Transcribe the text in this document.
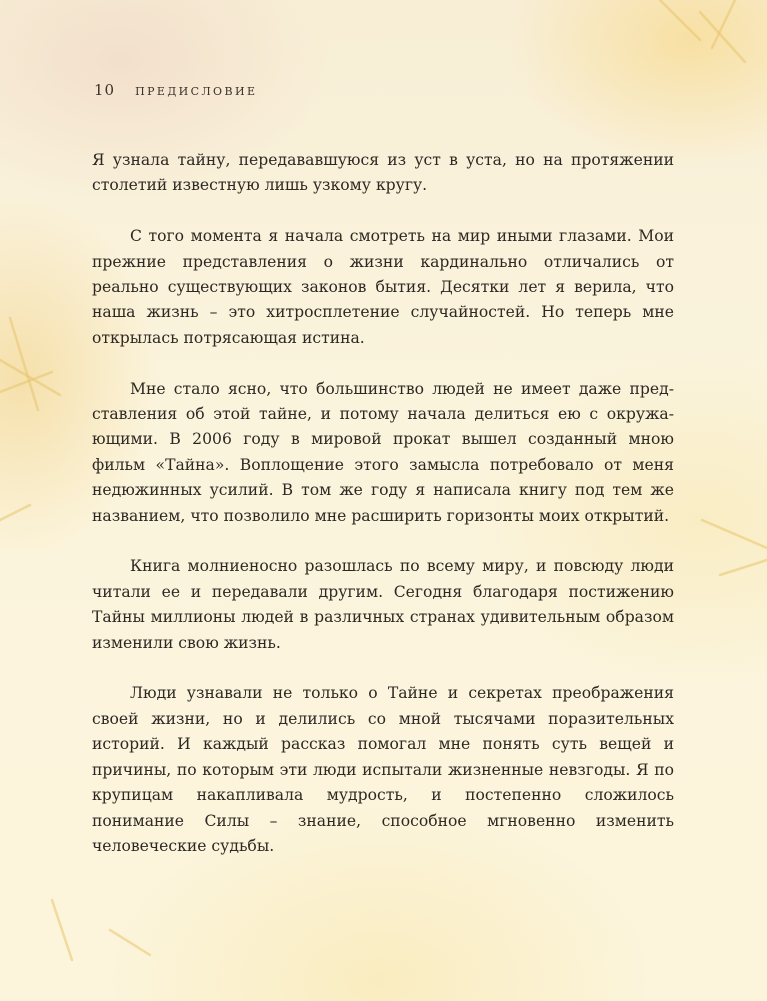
10 ПРЕДИСЛОВИЕ

Я узнала тайну, передававшуюся из уст в уста, но на протяжении столетий известную лишь узкому кругу.

С того момента я начала смотреть на мир иными глазами. Мои прежние представления о жизни кардинально отличались от реально существующих законов бытия. Десятки лет я верила, что наша жизнь – это хитросплетение случайностей. Но теперь мне открылась потрясающая истина.

Мне стало ясно, что большинство людей не имеет даже представления об этой тайне, и потому начала делиться ею с окружающими. В 2006 году в мировой прокат вышел созданный мною фильм «Тайна». Воплощение этого замысла потребовало от меня недюжинных усилий. В том же году я написала книгу под тем же названием, что позволило мне расширить горизонты моих открытий.

Книга молниеносно разошлась по всему миру, и повсюду люди читали ее и передавали другим. Сегодня благодаря постижению Тайны миллионы людей в различных странах удивительным образом изменили свою жизнь.

Люди узнавали не только о Тайне и секретах преображения своей жизни, но и делились со мной тысячами поразительных историй. И каждый рассказ помогал мне понять суть вещей и причины, по которым эти люди испытали жизненные невзгоды. Я по крупицам накапливала мудрость, и постепенно сложилось понимание Силы – знание, способное мгновенно изменить человеческие судьбы.
